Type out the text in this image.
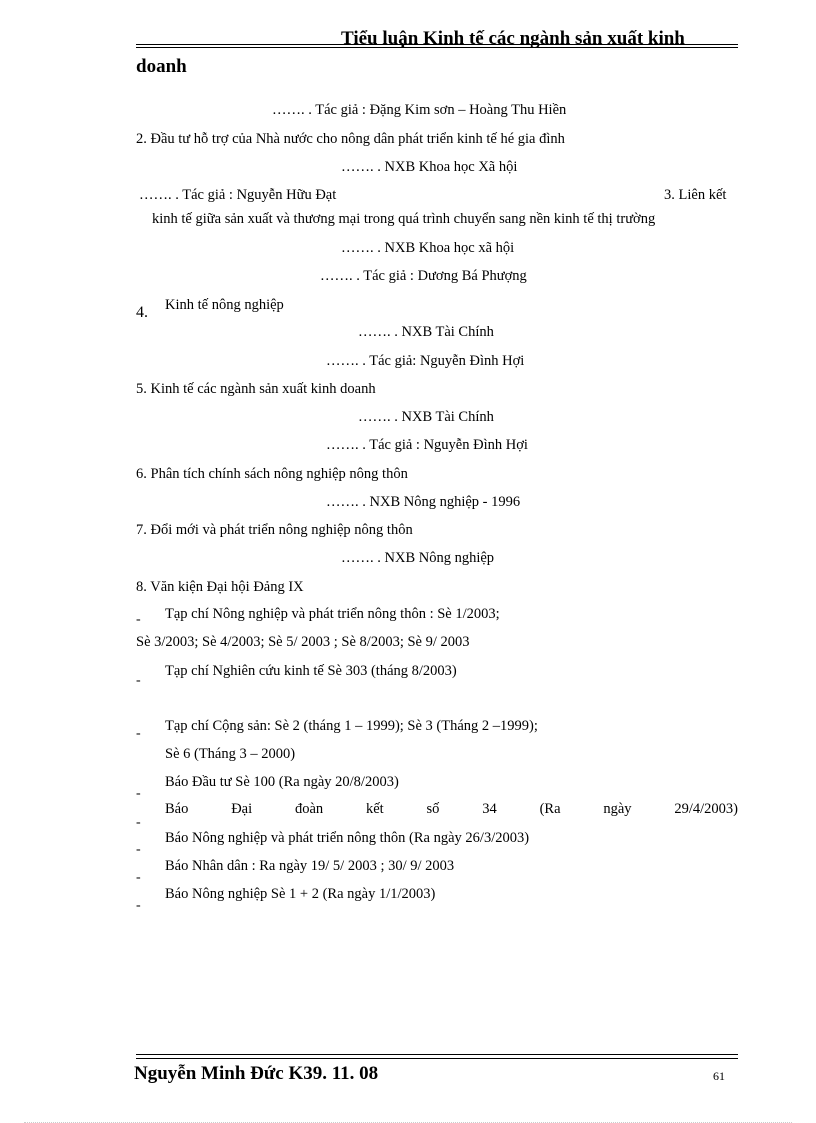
Tiểu luận Kinh tế các ngành sản xuất kinh
doanh
……. . Tác giả : Đặng Kim sơn – Hoàng Thu Hiền
2. Đầu tư hỗ trợ của Nhà nước cho nông dân phát triển kinh tế hé gia đình
……. . NXB Khoa học Xã hội
……. . Tác giả : Nguyễn Hữu Đạt	3. Liên kết
kinh tế giữa sản xuất và thương mại trong quá trình chuyển sang nền kinh tế thị trường
……. . NXB Khoa học xã hội
……. . Tác giả : Dương Bá Phượng
4. Kinh tế nông nghiệp
……. . NXB Tài Chính
……. . Tác giả: Nguyễn Đình Hợi
5. Kinh tế các ngành sản xuất kinh doanh
……. . NXB Tài Chính
……. . Tác giả : Nguyễn Đình Hợi
6. Phân tích chính sách nông nghiệp nông thôn
……. . NXB Nông nghiệp - 1996
7. Đổi mới và phát triển nông nghiệp nông thôn
……. . NXB Nông nghiệp
8. Văn kiện Đại hội Đảng IX
- Tạp chí Nông nghiệp và phát triển nông thôn : Sè 1/2003;
Sè 3/2003; Sè 4/2003; Sè 5/ 2003 ; Sè 8/2003; Sè 9/ 2003
-
Tạp chí Nghiên cứu kinh tế Sè 303 (tháng 8/2003)
- Tạp chí Cộng sản: Sè 2 (tháng 1 – 1999); Sè 3 (Tháng 2 –1999);
Sè 6 (Tháng 3 – 2000)
-
Báo Đầu tư Sè 100 (Ra ngày 20/8/2003)
-
Báo	Đại	đoàn	kết	số	34	(Ra	ngày	29/4/2003)
-
Báo Nông nghiệp và phát triển nông thôn (Ra ngày 26/3/2003)
-
Báo Nhân dân : Ra ngày 19/ 5/ 2003 ; 30/ 9/ 2003
-
Báo Nông nghiệp Sè 1 + 2 (Ra ngày 1/1/2003)
Nguyễn Minh Đức K39. 11. 08	61
